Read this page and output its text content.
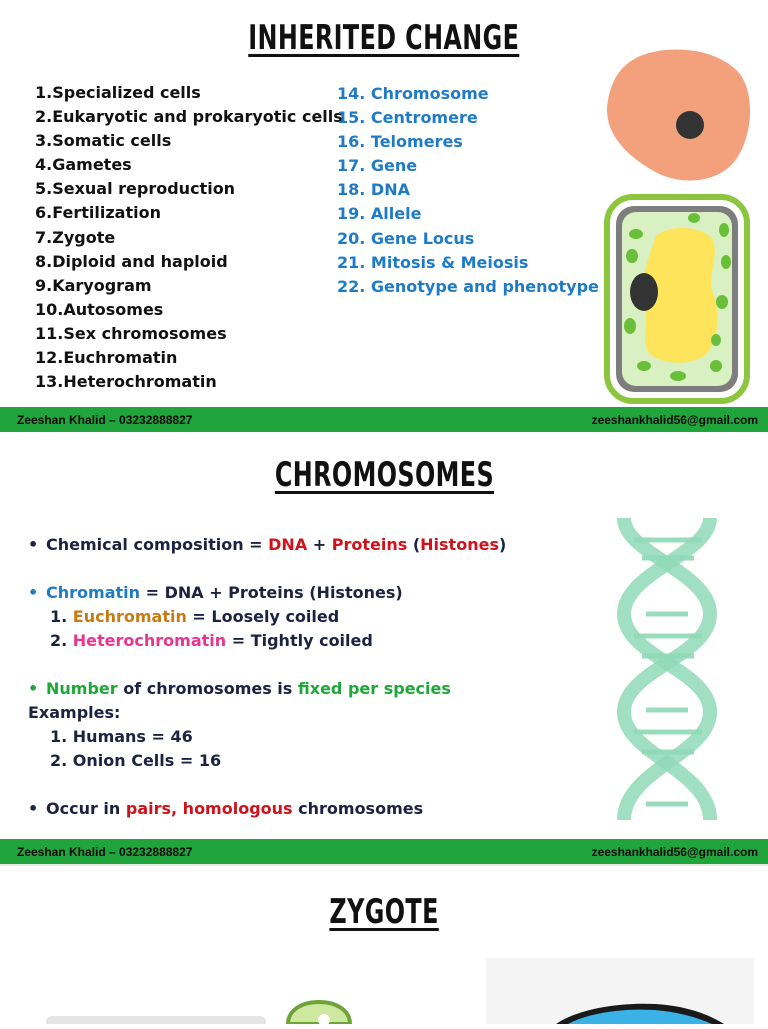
INHERITED CHANGE
1.Specialized cells
2.Eukaryotic and prokaryotic cells
3.Somatic cells
4.Gametes
5.Sexual reproduction
6.Fertilization
7.Zygote
8.Diploid and haploid
9.Karyogram
10.Autosomes
11.Sex chromosomes
12.Euchromatin
13.Heterochromatin
14. Chromosome
15. Centromere
16. Telomeres
17. Gene
18. DNA
19. Allele
20. Gene Locus
21. Mitosis & Meiosis
22. Genotype and phenotype
Zeeshan Khalid – 03232888827	zeeshankhalid56@gmail.com
CHROMOSOMES
• Chemical composition = DNA + Proteins (Histones)
• Chromatin = DNA + Proteins (Histones)
1. Euchromatin = Loosely coiled
2. Heterochromatin = Tightly coiled
• Number of chromosomes is fixed per species
Examples:
1. Humans = 46
2. Onion Cells = 16
• Occur in pairs, homologous chromosomes
Zeeshan Khalid – 03232888827	zeeshankhalid56@gmail.com
ZYGOTE
